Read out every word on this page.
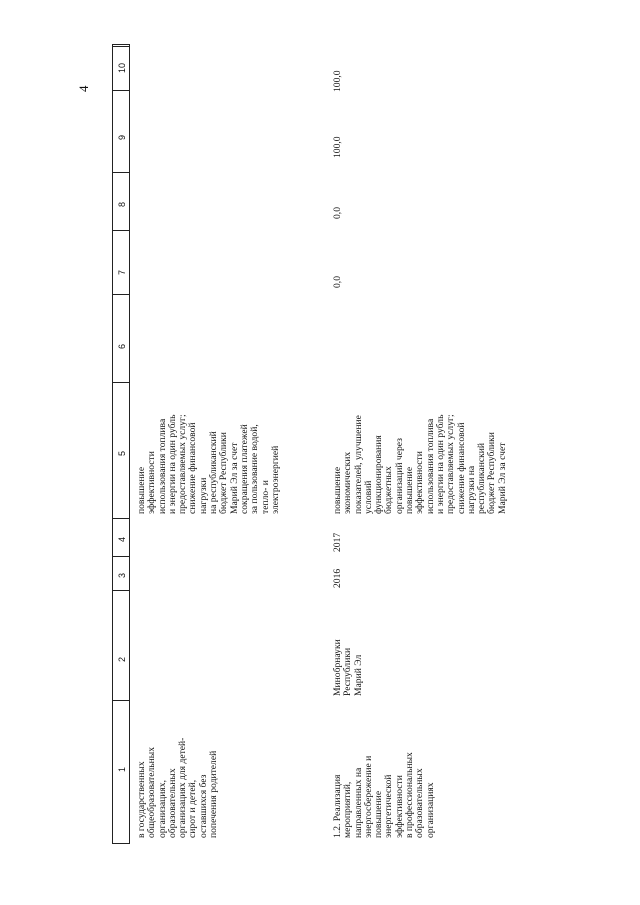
4
10
9
8
7
6
5
4
3
2
1 в государственных общеобразовательных организациях, образовательных организациях для детей- сирот и детей, оставшихся без попечения родителей
повышение эффективности использования топлива и энергии на один рубль предоставляемых услуг; снижение финансовой нагрузки на республиканский бюджет Республики Марий Эл за счет сокращения платежей за пользование водой, тепло- и электроэнергией
1.2. Реализация мероприятий, направленных на энергосбережение и повышение энергетической эффективности в профессиональных образовательных организациях
Минобрнауки Республики Марий Эл
2016
2017
повышение экономических показателей, улучшение условий функционирования бюджетных организаций через повышение эффективности использования топлива и энергии на один рубль предоставляемых услуг; снижение финансовой нагрузки на республиканский бюджет Республики Марий Эл за счет
0,0
0,0
100,0
100,0
